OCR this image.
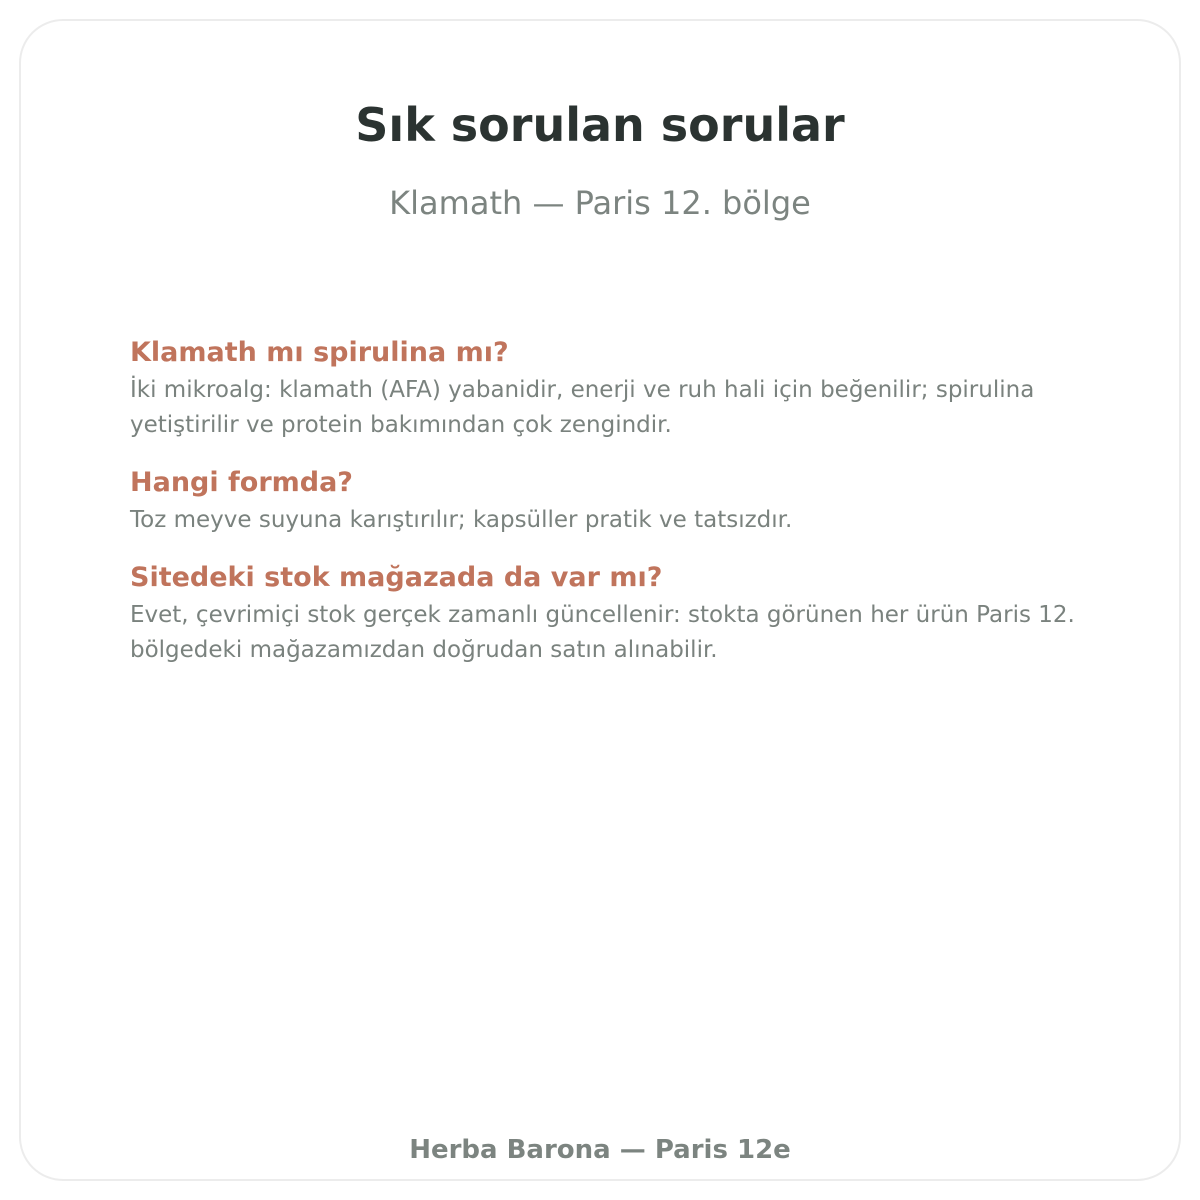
Sık sorulan sorular

Klamath — Paris 12. bölge

Klamath mı spirulina mı?

İki mikroalg: klamath (AFA) yabanidir, enerji ve ruh hali için beğenilir; spirulina yetiştirilir ve protein bakımından çok zengindir.

Hangi formda?

Toz meyve suyuna karıştırılır; kapsüller pratik ve tatsızdır.

Sitedeki stok mağazada da var mı?

Evet, çevrimiçi stok gerçek zamanlı güncellenir: stokta görünen her ürün Paris 12. bölgedeki mağazamızdan doğrudan satın alınabilir.

Herba Barona — Paris 12e
